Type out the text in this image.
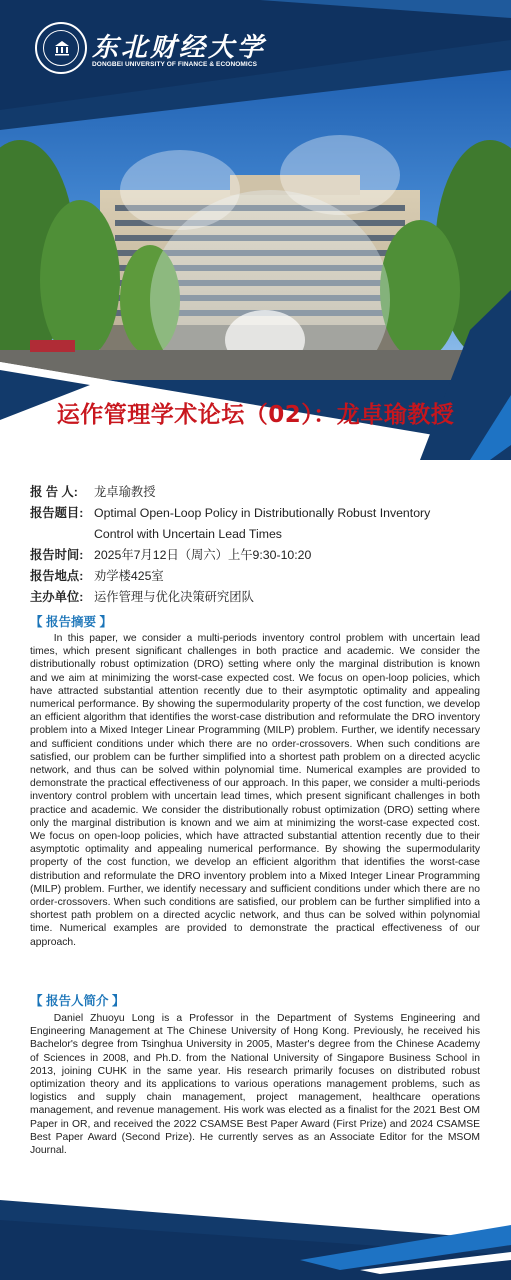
东北财经大学
DONGBEI UNIVERSITY OF FINANCE & ECONOMICS
运作管理学术论坛（02）：龙卓瑜教授
报 告 人:	龙卓瑜教授
报告题目: Optimal Open-Loop Policy in Distributionally Robust Inventory
Control with Uncertain Lead Times
报告时间: 2025年7月12日（周六）上午9:30-10:20
报告地点: 劝学楼425室
主办单位: 运作管理与优化决策研究团队
【 报告摘要 】
In this paper, we consider a multi-periods inventory control problem with uncertain lead times, which present significant challenges in both practice and academic. We consider the distributionally robust optimization (DRO) setting where only the marginal distribution is known and we aim at minimizing the worst-case expected cost. We focus on open-loop policies, which have attracted substantial attention recently due to their asymptotic optimality and appealing numerical performance. By showing the supermodularity property of the cost function, we develop an efficient algorithm that identifies the worst-case distribution and reformulate the DRO inventory problem into a Mixed Integer Linear Programming (MILP) problem. Further, we identify necessary and sufficient conditions under which there are no order-crossovers. When such conditions are satisfied, our problem can be further simplified into a shortest path problem on a directed acyclic network, and thus can be solved within polynomial time. Numerical examples are provided to demonstrate the practical effectiveness of our approach. In this paper, we consider a multi-periods inventory control problem with uncertain lead times, which present significant challenges in both practice and academic. We consider the distributionally robust optimization (DRO) setting where only the marginal distribution is known and we aim at minimizing the worst-case expected cost. We focus on open-loop policies, which have attracted substantial attention recently due to their asymptotic optimality and appealing numerical performance. By showing the supermodularity property of the cost function, we develop an efficient algorithm that identifies the worst-case distribution and reformulate the DRO inventory problem into a Mixed Integer Linear Programming (MILP) problem. Further, we identify necessary and sufficient conditions under which there are no order-crossovers. When such conditions are satisfied, our problem can be further simplified into a shortest path problem on a directed acyclic network, and thus can be solved within polynomial time. Numerical examples are provided to demonstrate the practical effectiveness of our approach.
【 报告人简介 】
Daniel Zhuoyu Long is a Professor in the Department of Systems Engineering and Engineering Management at The Chinese University of Hong Kong. Previously, he received his Bachelor's degree from Tsinghua University in 2005, Master's degree from the Chinese Academy of Sciences in 2008, and Ph.D. from the National University of Singapore Business School in 2013, joining CUHK in the same year. His research primarily focuses on distributed robust optimization theory and its applications to various operations management problems, such as logistics and supply chain management, project management, healthcare operations management, and revenue management. His work was elected as a finalist for the 2021 Best OM Paper in OR, and received the 2022 CSAMSE Best Paper Award (First Prize) and 2024 CSAMSE Best Paper Award (Second Prize). He currently serves as an Associate Editor for the MSOM Journal.
